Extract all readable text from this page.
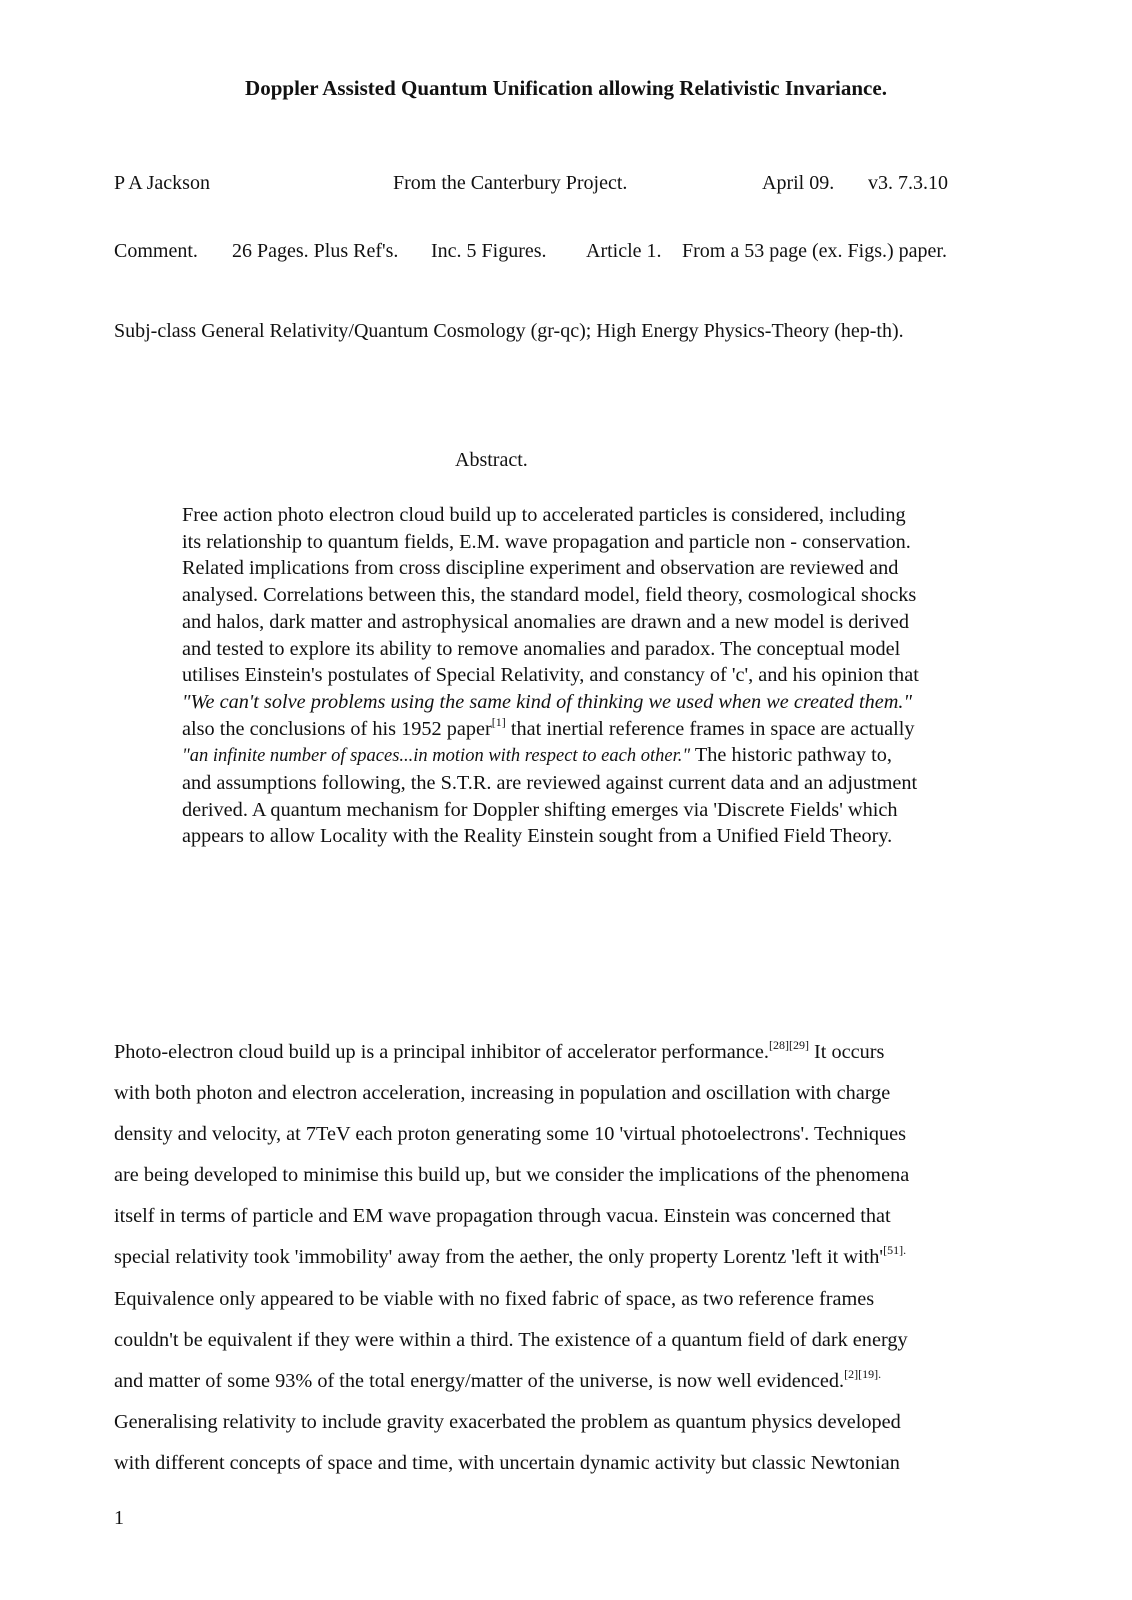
Doppler Assisted Quantum Unification allowing Relativistic Invariance.
P A Jackson	From the Canterbury Project.	April 09. v3. 7.3.10
Comment. 26 Pages. Plus Ref's. Inc. 5 Figures. Article 1. From a 53 page (ex. Figs.) paper.
Subj-class General Relativity/Quantum Cosmology (gr-qc); High Energy Physics-Theory (hep-th).
Abstract.
Free action photo electron cloud build up to accelerated particles is considered, including
its relationship to quantum fields, E.M. wave propagation and particle non - conservation.
Related implications from cross discipline experiment and observation are reviewed and
analysed. Correlations between this, the standard model, field theory, cosmological shocks
and halos, dark matter and astrophysical anomalies are drawn and a new model is derived
and tested to explore its ability to remove anomalies and paradox. The conceptual model
utilises Einstein's postulates of Special Relativity, and constancy of 'c', and his opinion that
"We can't solve problems using the same kind of thinking we used when we created them."
also the conclusions of his 1952 paper[1] that inertial reference frames in space are actually
"an infinite number of spaces...in motion with respect to each other." The historic pathway to,
and assumptions following, the S.T.R. are reviewed against current data and an adjustment
derived. A quantum mechanism for Doppler shifting emerges via 'Discrete Fields' which
appears to allow Locality with the Reality Einstein sought from a Unified Field Theory.
Photo-electron cloud build up is a principal inhibitor of accelerator performance.[28][29] It occurs
with both photon and electron acceleration, increasing in population and oscillation with charge
density and velocity, at 7TeV each proton generating some 10 'virtual photoelectrons'. Techniques
are being developed to minimise this build up, but we consider the implications of the phenomena
itself in terms of particle and EM wave propagation through vacua. Einstein was concerned that
special relativity took 'immobility' away from the aether, the only property Lorentz 'left it $with'^{[51].}$
Equivalence only appeared to be viable with no fixed fabric of space, as two reference frames
couldn't be equivalent if they were within a third. The existence of a quantum field of dark energy
and matter of some 93% of the total energy/matter of the universe, is now well evidenced.$^{[2][19].}$
Generalising relativity to include gravity exacerbated the problem as quantum physics developed
with different concepts of space and time, with uncertain dynamic activity but classic Newtonian
1
